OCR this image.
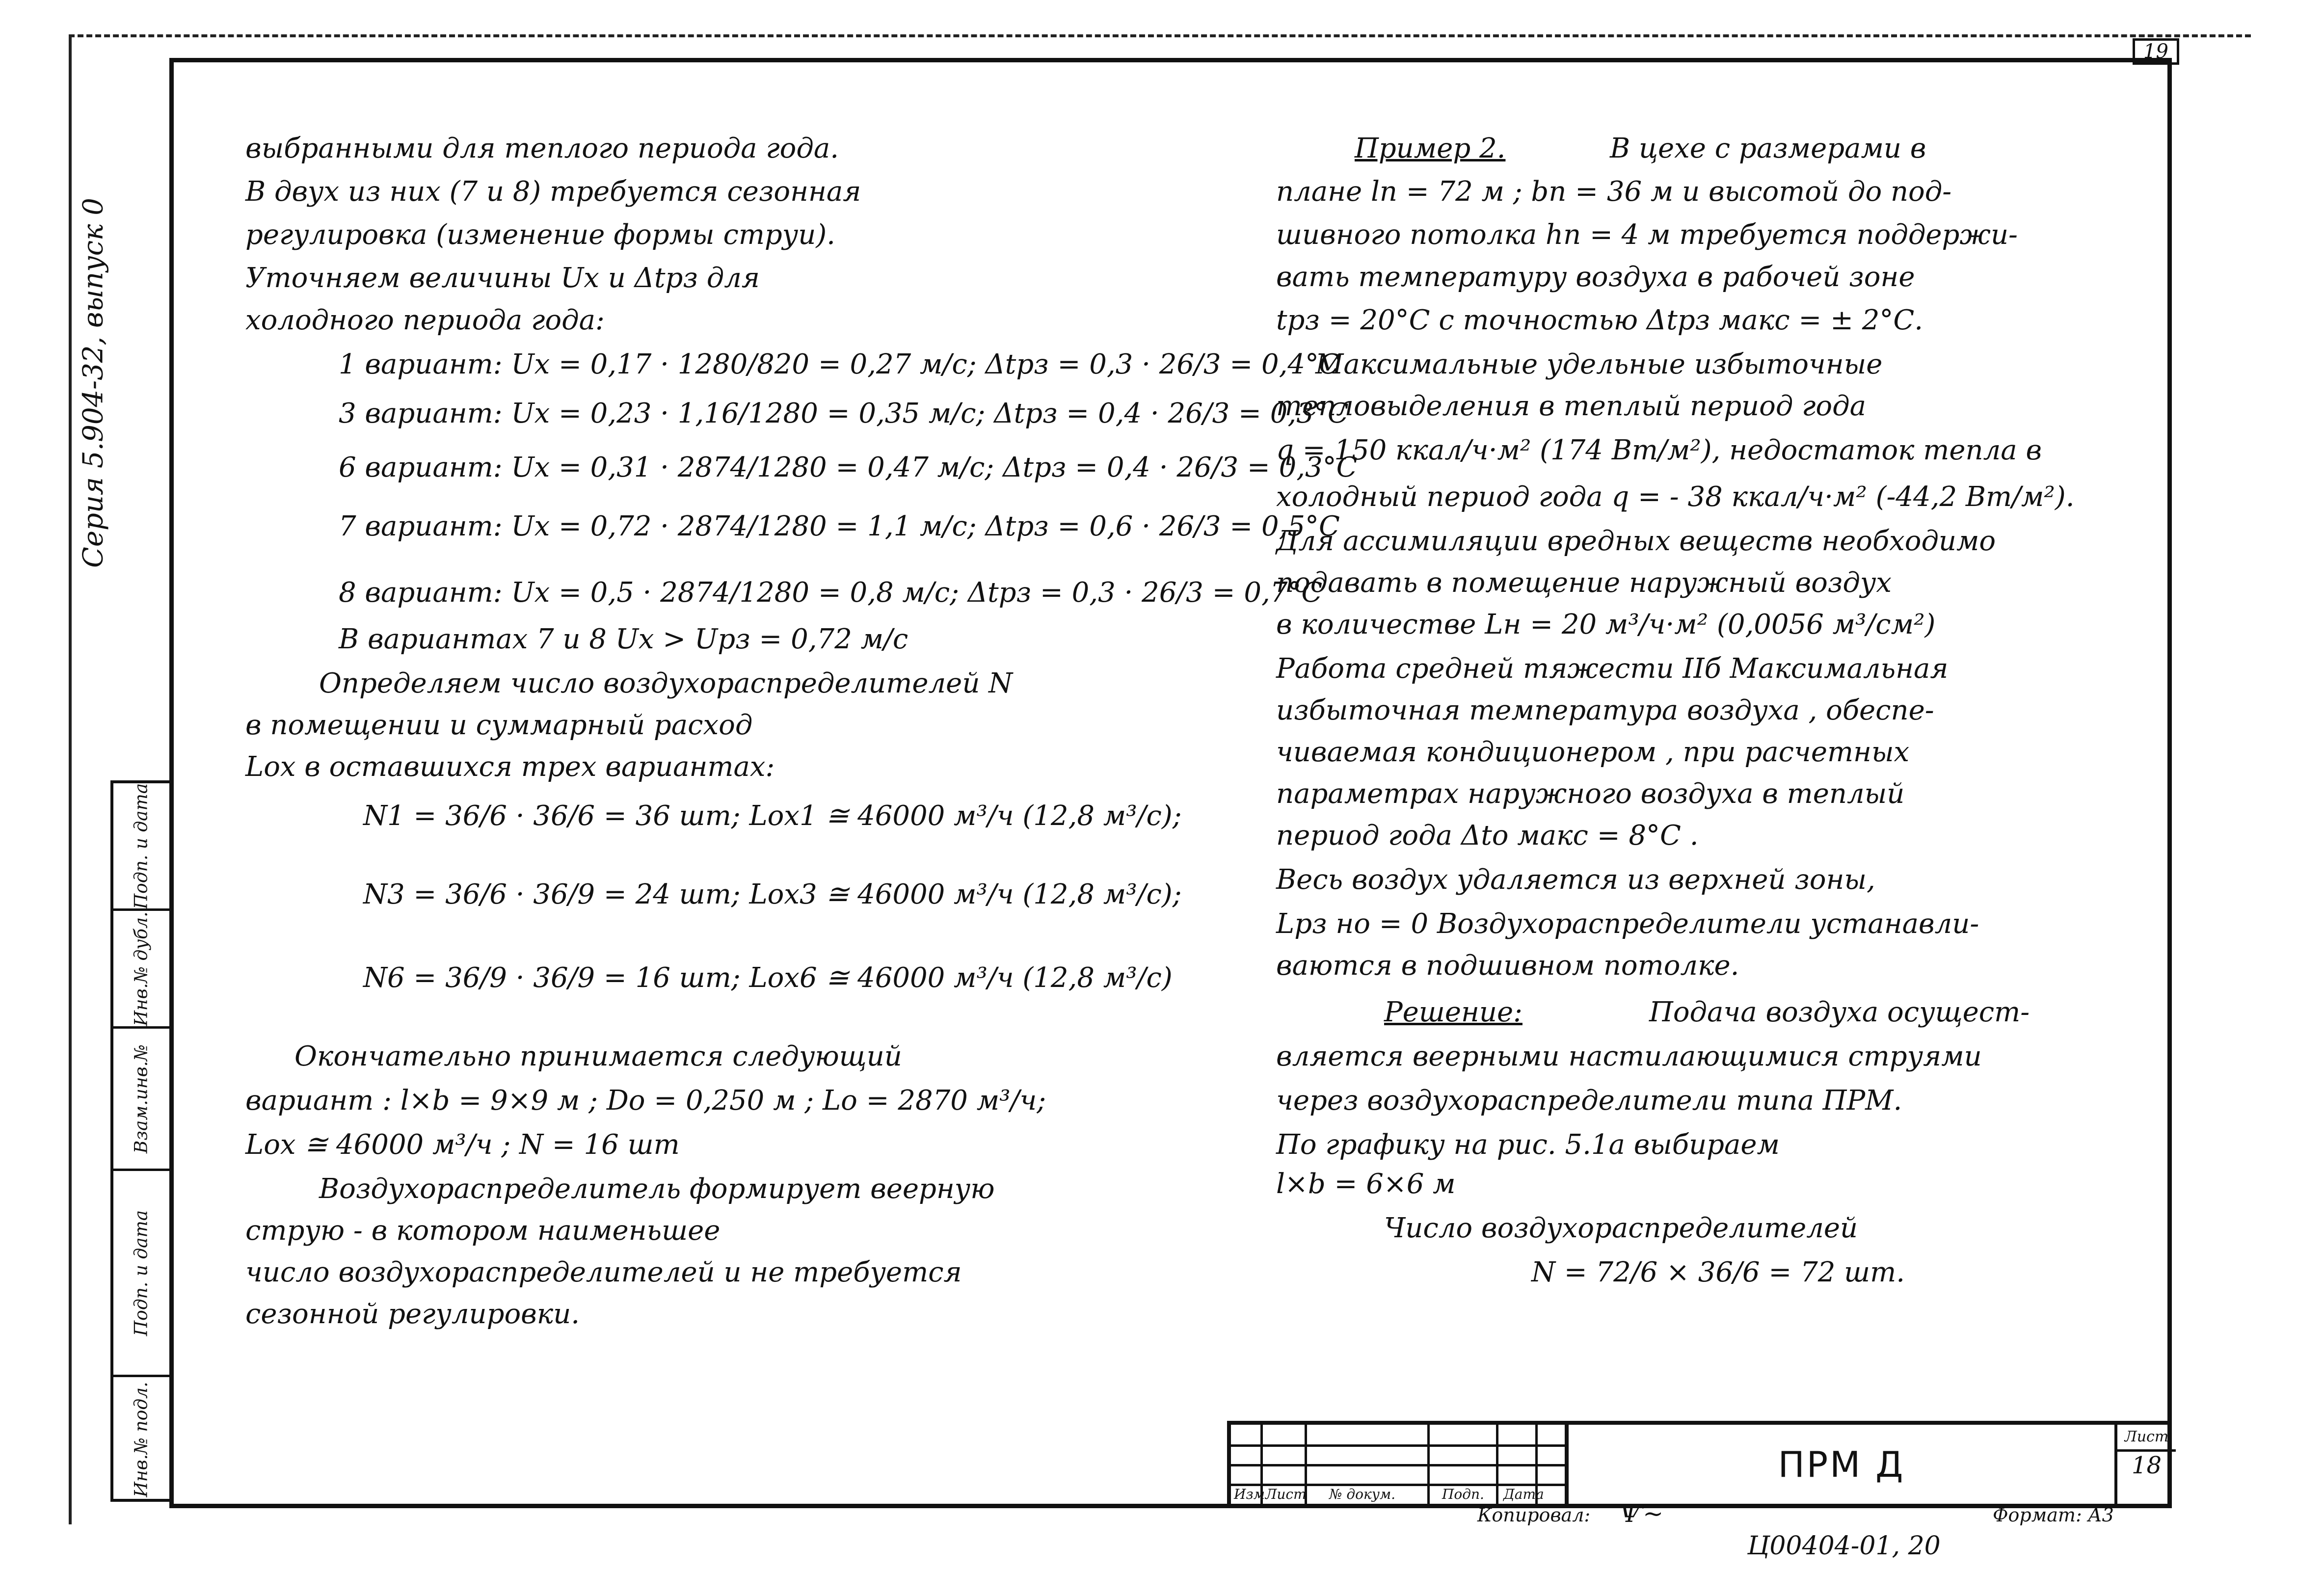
19
Серия 5.904-32, выпуск 0
Подп. и дата
Инв.№ дубл.
Взам.инв.№
Подп. и дата
Инв.№ подл.
выбранными для теплого периода года.
В двух из них (7 и 8) требуется сезонная
регулировка (изменение формы струи).
Уточняем величины Ux и Δtрз для
холодного периода года:
1 вариант: Ux = 0,17 · 1280/820 = 0,27 м/с; Δtрз = 0,3 · 26/3 = 0,4°С
3 вариант: Ux = 0,23 · 1,16/1280 = 0,35 м/с; Δtрз = 0,4 · 26/3 = 0,3°С
6 вариант: Ux = 0,31 · 2874/1280 = 0,47 м/с; Δtрз = 0,4 · 26/3 = 0,3°С
7 вариант: Ux = 0,72 · 2874/1280 = 1,1 м/с; Δtрз = 0,6 · 26/3 = 0,5°С
8 вариант: Ux = 0,5 · 2874/1280 = 0,8 м/с; Δtрз = 0,3 · 26/3 = 0,7°С
В вариантах 7 и 8 Ux > Uрз = 0,72 м/с
Определяем число воздухораспределителей N
в помещении и суммарный расход
Lox в оставшихся трех вариантах:
N1 = 36/6 · 36/6 = 36 шт; Lox1 ≅ 46000 м³/ч (12,8 м³/с);
N3 = 36/6 · 36/9 = 24 шт; Lox3 ≅ 46000 м³/ч (12,8 м³/с);
N6 = 36/9 · 36/9 = 16 шт; Lox6 ≅ 46000 м³/ч (12,8 м³/с)
Окончательно принимается следующий
вариант : l×b = 9×9 м ; Do = 0,250 м ; Lo = 2870 м³/ч;
Lox ≅ 46000 м³/ч ; N = 16 шт
Воздухораспределитель формирует веерную
струю - в котором наименьшее
число воздухораспределителей и не требуется
сезонной регулировки.
Пример 2.	В цехе с размерами в
плане ln = 72 м ; bn = 36 м и высотой до под-
шивного потолка hn = 4 м требуется поддержи-
вать температуру воздуха в рабочей зоне
tрз = 20°С с точностью Δtрз макс = ± 2°С.
Максимальные удельные избыточные
тепловыделения в теплый период года
q = 150 ккал/ч·м² (174 Вт/м²), недостаток тепла в
холодный период года q = - 38 ккал/ч·м² (-44,2 Вт/м²).
Для ассимиляции вредных веществ необходимо
подавать в помещение наружный воздух
в количестве Lн = 20 м³/ч·м² (0,0056 м³/см²)
Работа средней тяжести IIб Максимальная
избыточная температура воздуха , обеспе-
чиваемая кондиционером , при расчетных
параметрах наружного воздуха в теплый
период года Δto макс = 8°С .
Весь воздух удаляется из верхней зоны,
Lрз но = 0 Воздухораспределители устанавли-
ваются в подшивном потолке.
Решение:	Подача воздуха осущест-
вляется веерными настилающимися струями
через воздухораспределители типа ПРМ.
По графику на рис. 5.1а выбираем
l×b = 6×6 м
Число воздухораспределителей
N = 72/6 × 36/6 = 72 шт.
Изм Лист № докум.	Подп. Дата
ПРМ Д
Лист
18
Копировал: Ѱ~	Формат: А3
Ц00404-01, 20
